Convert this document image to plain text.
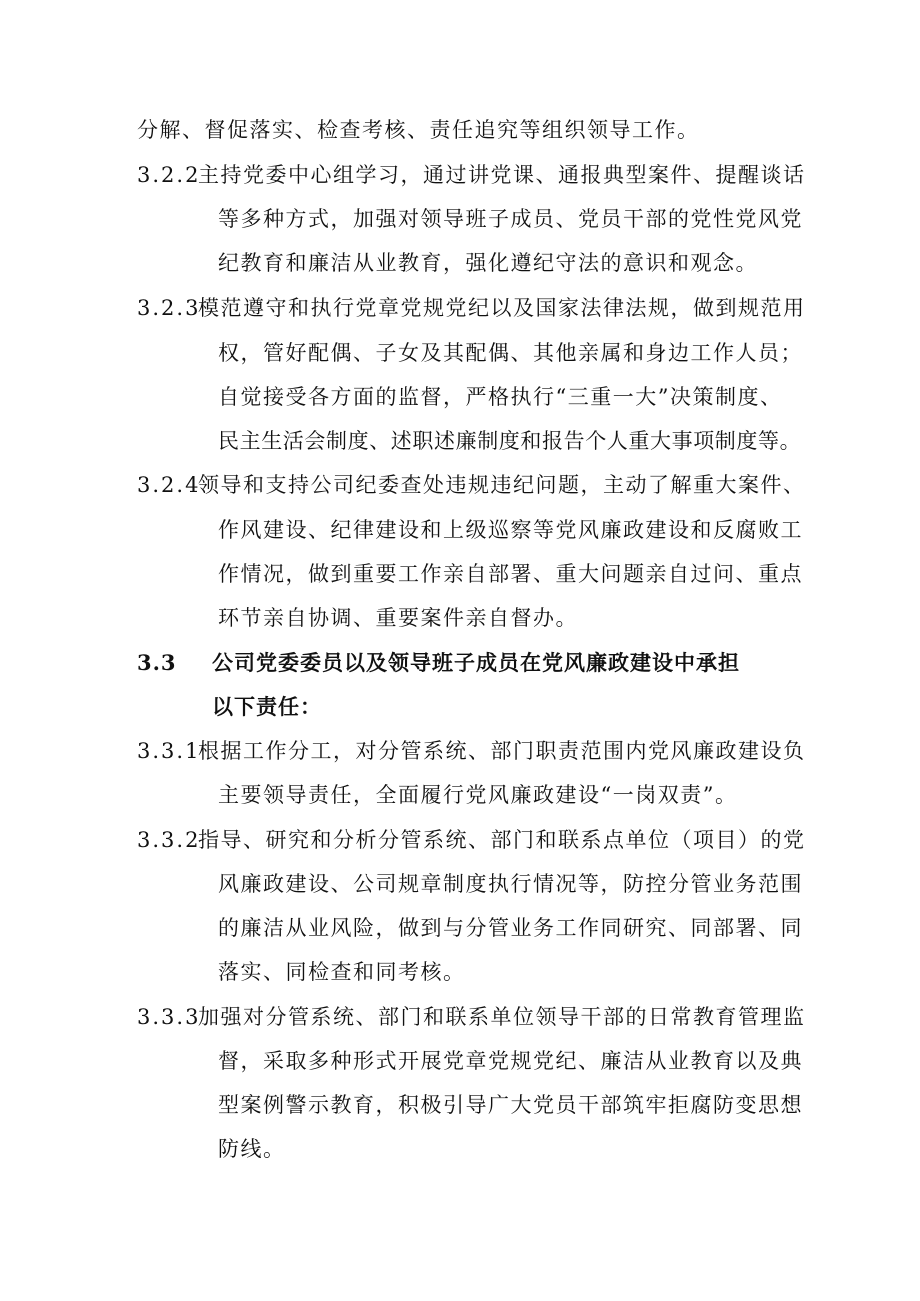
分解、督促落实、检查考核、责任追究等组织领导工作。
3.2.2
主持党委中心组学习，通过讲党课、通报典型案件、提醒谈话
等多种方式，加强对领导班子成员、党员干部的党性党风党
纪教育和廉洁从业教育，强化遵纪守法的意识和观念。
3.2.3
模范遵守和执行党章党规党纪以及国家法律法规，做到规范用
权，管好配偶、子女及其配偶、其他亲属和身边工作人员；
自觉接受各方面的监督，严格执行“三重一大”决策制度、
民主生活会制度、述职述廉制度和报告个人重大事项制度等。
3.2.4
领导和支持公司纪委查处违规违纪问题，主动了解重大案件、
作风建设、纪律建设和上级巡察等党风廉政建设和反腐败工
作情况，做到重要工作亲自部署、重大问题亲自过问、重点
环节亲自协调、重要案件亲自督办。
3.3 公司党委委员以及领导班子成员在党风廉政建设中承担
以下责任：
3.3.1
根据工作分工，对分管系统、部门职责范围内党风廉政建设负
主要领导责任，全面履行党风廉政建设“一岗双责”。
3.3.2
指导、研究和分析分管系统、部门和联系点单位（项目）的党
风廉政建设、公司规章制度执行情况等，防控分管业务范围
的廉洁从业风险，做到与分管业务工作同研究、同部署、同
落实、同检查和同考核。
3.3.3
加强对分管系统、部门和联系单位领导干部的日常教育管理监
督，采取多种形式开展党章党规党纪、廉洁从业教育以及典
型案例警示教育，积极引导广大党员干部筑牢拒腐防变思想
防线。
